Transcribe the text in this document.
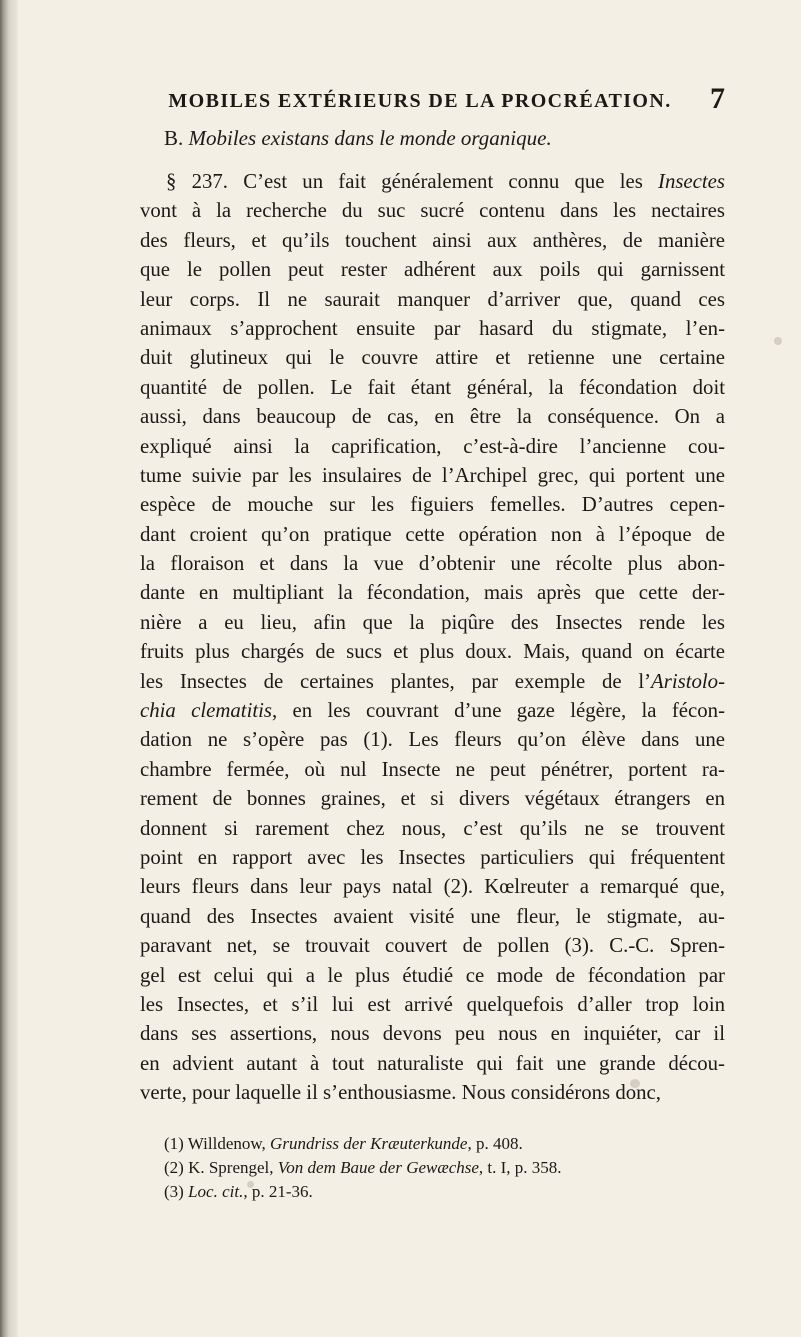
MOBILES EXTÉRIEURS DE LA PROCRÉATION.	7
B. Mobiles existans dans le monde organique.
§ 237. C’est un fait généralement connu que les Insectes
vont à la recherche du suc sucré contenu dans les nectaires
des fleurs, et qu’ils touchent ainsi aux anthères, de manière
que le pollen peut rester adhérent aux poils qui garnissent
leur corps. Il ne saurait manquer d’arriver que, quand ces
animaux s’approchent ensuite par hasard du stigmate, l’en-
duit glutineux qui le couvre attire et retienne une certaine
quantité de pollen. Le fait étant général, la fécondation doit
aussi, dans beaucoup de cas, en être la conséquence. On a
expliqué ainsi la caprification, c’est-à-dire l’ancienne cou-
tume suivie par les insulaires de l’Archipel grec, qui portent une
espèce de mouche sur les figuiers femelles. D’autres cepen-
dant croient qu’on pratique cette opération non à l’époque de
la floraison et dans la vue d’obtenir une récolte plus abon-
dante en multipliant la fécondation, mais après que cette der-
nière a eu lieu, afin que la piqûre des Insectes rende les
fruits plus chargés de sucs et plus doux. Mais, quand on écarte
les Insectes de certaines plantes, par exemple de l’Aristolo-
chia clematitis, en les couvrant d’une gaze légère, la fécon-
dation ne s’opère pas (1). Les fleurs qu’on élève dans une
chambre fermée, où nul Insecte ne peut pénétrer, portent ra-
rement de bonnes graines, et si divers végétaux étrangers en
donnent si rarement chez nous, c’est qu’ils ne se trouvent
point en rapport avec les Insectes particuliers qui fréquentent
leurs fleurs dans leur pays natal (2). Kœlreuter a remarqué que,
quand des Insectes avaient visité une fleur, le stigmate, au-
paravant net, se trouvait couvert de pollen (3). C.-C. Spren-
gel est celui qui a le plus étudié ce mode de fécondation par
les Insectes, et s’il lui est arrivé quelquefois d’aller trop loin
dans ses assertions, nous devons peu nous en inquiéter, car il
en advient autant à tout naturaliste qui fait une grande décou-
verte, pour laquelle il s’enthousiasme. Nous considérons donc,
(1) Willdenow, Grundriss der Kræuterkunde, p. 408.
(2) K. Sprengel, Von dem Baue der Gewæchse, t. I, p. 358.
(3) Loc. cit., p. 21-36.
